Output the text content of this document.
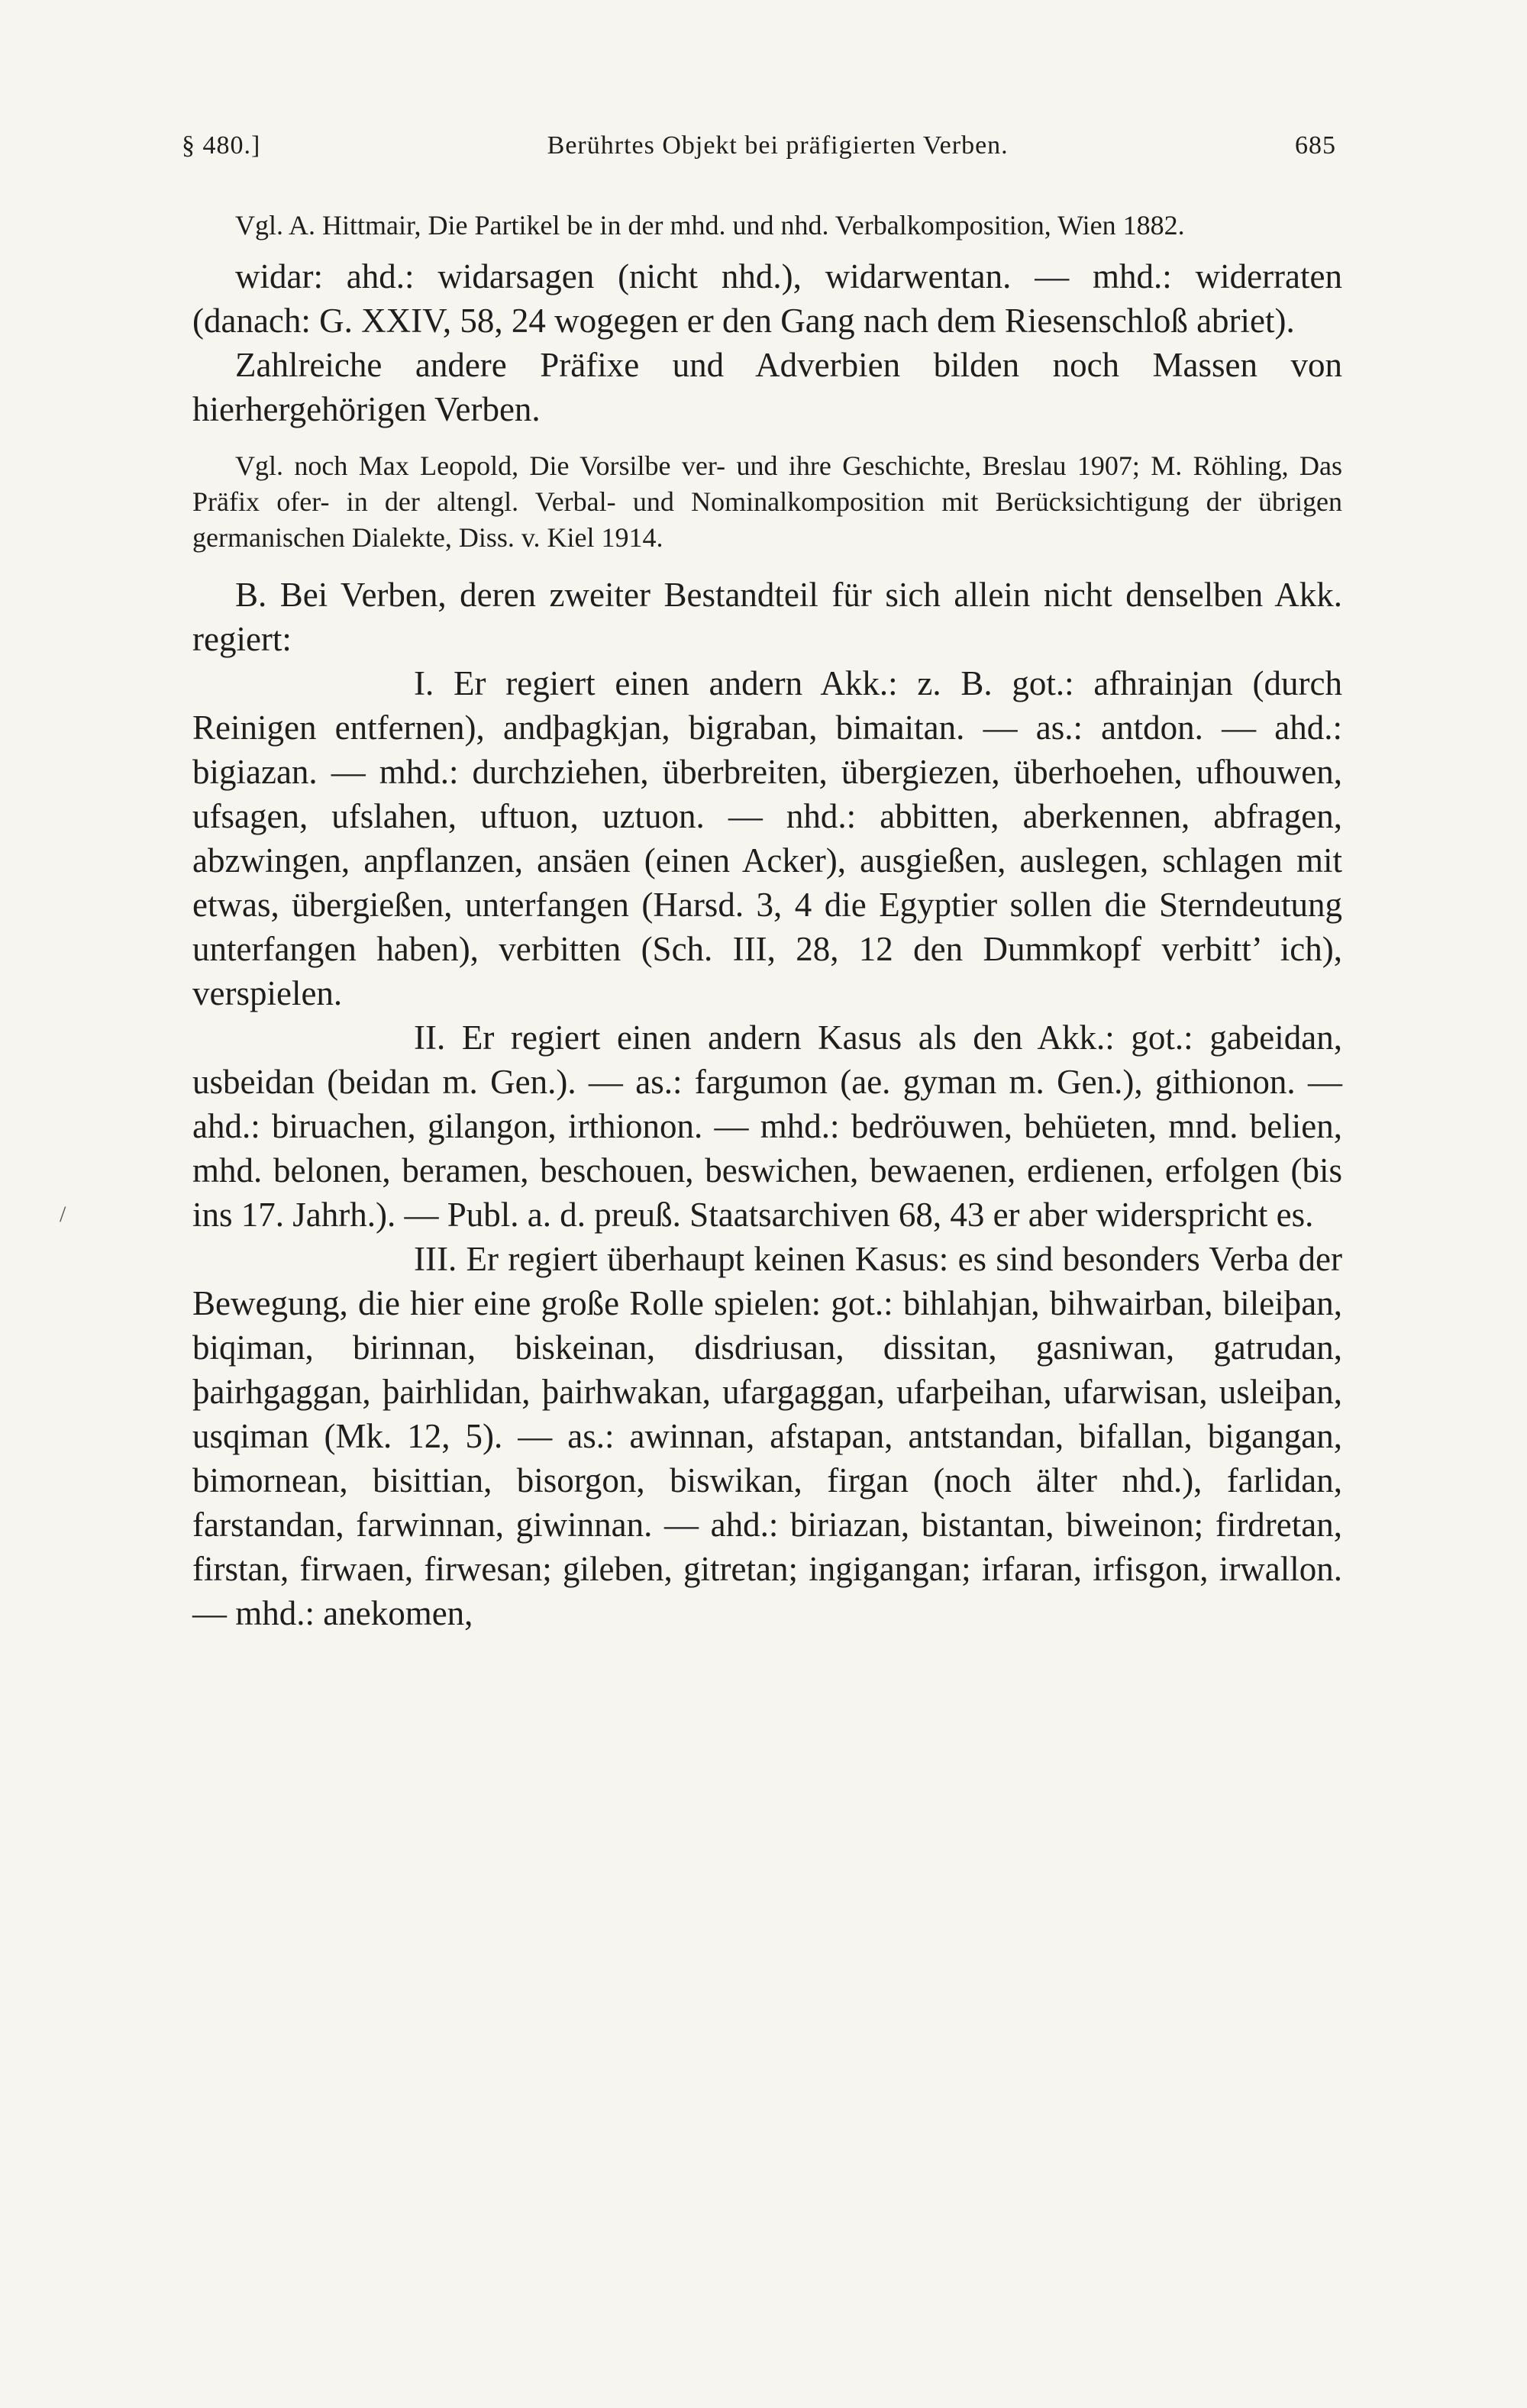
§ 480.]	Berührtes Objekt bei präfigierten Verben.	685
/

Vgl. A. Hittmair, Die Partikel be in der mhd. und nhd. Verbalkomposition, Wien 1882.

widar: ahd.: widarsagen (nicht nhd.), widarwentan. — mhd.: widerraten (danach: G. XXIV, 58, 24 wogegen er den Gang nach dem Riesenschloß abriet).

Zahlreiche andere Präfixe und Adverbien bilden noch Massen von hierhergehörigen Verben.

Vgl. noch Max Leopold, Die Vorsilbe ver- und ihre Geschichte, Breslau 1907; M. Röhling, Das Präfix ofer- in der altengl. Verbal- und Nominalkomposition mit Berücksichtigung der übrigen germanischen Dialekte, Diss. v. Kiel 1914.

B. Bei Verben, deren zweiter Bestandteil für sich allein nicht denselben Akk. regiert:

I. Er regiert einen andern Akk.: z. B. got.: afhrainjan (durch Reinigen entfernen), andþagkjan, bigraban, bimaitan. — as.: antdon. — ahd.: bigiazan. — mhd.: durchziehen, überbreiten, übergiezen, überhoehen, ufhouwen, ufsagen, ufslahen, uftuon, uztuon. — nhd.: abbitten, aberkennen, abfragen, abzwingen, anpflanzen, ansäen (einen Acker), ausgießen, auslegen, schlagen mit etwas, übergießen, unterfangen (Harsd. 3, 4 die Egyptier sollen die Sterndeutung unterfangen haben), verbitten (Sch. III, 28, 12 den Dummkopf verbitt’ ich), verspielen.

II. Er regiert einen andern Kasus als den Akk.: got.: gabeidan, usbeidan (beidan m. Gen.). — as.: fargumon (ae. gyman m. Gen.), githionon. — ahd.: biruachen, gilangon, irthionon. — mhd.: bedröuwen, behüeten, mnd. belien, mhd. belonen, beramen, beschouen, beswichen, bewaenen, erdienen, erfolgen (bis ins 17. Jahrh.). — Publ. a. d. preuß. Staatsarchiven 68, 43 er aber widerspricht es.

III. Er regiert überhaupt keinen Kasus: es sind besonders Verba der Bewegung, die hier eine große Rolle spielen: got.: bihlahjan, bihwairban, bileiþan, biqiman, birinnan, biskeinan, disdriusan, dissitan, gasniwan, gatrudan, þairhgaggan, þairhlidan, þairhwakan, ufargaggan, ufarþeihan, ufarwisan, usleiþan, usqiman (Mk. 12, 5). — as.: awinnan, afstapan, antstandan, bifallan, bigangan, bimornean, bisittian, bisorgon, biswikan, firgan (noch älter nhd.), farlidan, farstandan, farwinnan, giwinnan. — ahd.: biriazan, bistantan, biweinon; firdretan, firstan, firwaen, firwesan; gileben, gitretan; ingigangan; irfaran, irfisgon, irwallon. — mhd.: anekomen,
